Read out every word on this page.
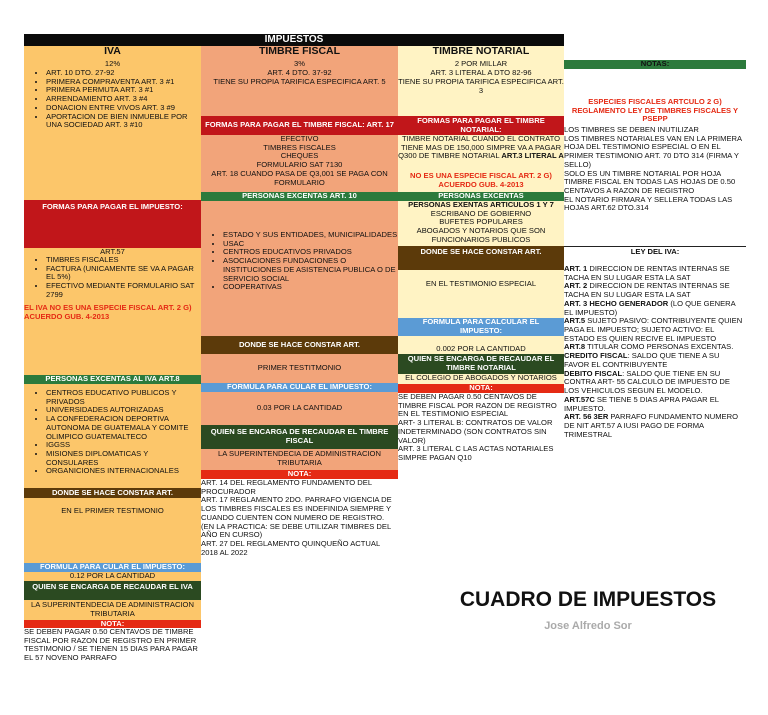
IMPUESTOS
IVA	TIMBRE FISCAL	TIMBRE NOTARIAL
12%
• ART. 10 DTO. 27-92
• PRIMERA COMPRAVENTA ART. 3 #1
• PRIMERA PERMUTA ART. 3 #1
• ARRENDAMIENTO ART. 3 #4
• DONACION ENTRE VIVOS ART. 3 #9
• APORTACION DE BIEN INMUEBLE POR UNA SOCIEDAD ART. 3 #10
FORMAS PARA PAGAR EL IMPUESTO:
ART.57
• TIMBRES FISCALES
• FACTURA (UNICAMENTE SE VA A PAGAR EL 5%)
• EFECTIVO MEDIANTE FORMULARIO SAT 2799
EL IVA NO ES UNA ESPECIE FISCAL ART. 2 G) ACUERDO GUB. 4-2013
PERSONAS EXCENTAS AL IVA ART.8
• CENTROS EDUCATIVO PUBLICOS Y PRIVADOS
• UNIVERSIDADES AUTORIZADAS
• LA CONFEDERACION DEPORTIVA AUTONOMA DE GUATEMALA Y COMITE OLIMPICO GUATEMALTECO
• IGGSS
• MISIONES DIPLOMATICAS Y CONSULARES
• ORGANICIONES INTERNACIONALES
DONDE SE HACE CONSTAR ART.
EN EL PRIMER TESTIMONIO
FORMULA PARA CULAR EL IMPUESTO:
0.12 POR LA CANTIDAD
QUIEN SE ENCARGA DE RECAUDAR EL IVA
LA SUPERINTENDECIA DE ADMINISTRACION TRIBUTARIA
NOTA:
SE DEBEN PAGAR 0.50 CENTAVOS DE TIMBRE FISCAL POR RAZON DE REGISTRO EN PRIMER TESTIMONIO / SE TIENEN 15 DIAS PARA PAGAR EL 57 NOVENO PARRAFO
3%
ART. 4 DTO. 37-92
TIENE SU PROPIA TARIFICA ESPECIFICA ART. 5
FORMAS PARA PAGAR EL TIMBRE FISCAL: ART. 17

EFECTIVO

TIMBRES FISCALES

CHEQUES

FORMULARIO SAT 7130

ART. 18 CUANDO PASA DE Q3,001 SE PAGA CON FORMULARIO

PERSONAS EXCENTAS ART. 10
• ESTADO Y SUS ENTIDADES, MUNICIPALIDADES
• USAC
• CENTROS EDUCATIVOS PRIVADOS
• ASOCIACIONES FUNDACIONES O INSTITUCIONES DE ASISTENCIA PUBLICA O DE SERVICIO SOCIAL
• COOPERATIVAS
DONDE SE HACE CONSTAR ART.
PRIMER TESTITMONIO
FORMULA PARA CULAR EL IMPUESTO:
0.03 POR LA CANTIDAD
QUIEN SE ENCARGA DE RECAUDAR EL TIMBRE FISCAL
LA SUPERINTENDECIA DE ADMINISTRACION TRIBUTARIA
NOTA:

ART. 14 DEL REGLAMENTO FUNDAMENTO DEL PROCURADOR

ART. 17 REGLAMENTO 2DO. PARRAFO VIGENCIA DE LOS TIMBRES FISCALES ES INDEFINIDA SIEMPRE Y CUANDO CUENTEN CON NUMERO DE REGISTRO. (EN LA PRACTICA: SE DEBE UTILIZAR TIMBRES DEL AÑO EN CURSO)

ART. 27 DEL REGLAMENTO QUINQUEÑO ACTUAL 2018 AL 2022

2 POR MILLAR
ART. 3 LITERAL A DTO 82-96
TIENE SU PROPIA TARIFICA ESPECIFICA ART. 3
FORMAS PARA PAGAR EL TIMBRE NOTARIAL:
TIMBRE NOTARIAL CUANDO EL CONTRATO TIENE MAS DE 150,000 SIMPRE VA A PAGAR Q300 DE TIMBRE NOTARIAL ART.3 LITERAL A
NO ES UNA ESPECIE FISCAL ART. 2 G) ACUERDO GUB. 4-2013
PERSONAS EXCENTAS

PERSONAS EXENTAS ARTICULOS 1 Y 7

ESCRIBANO DE GOBIERNO

BUFETES POPULARES

ABOGADOS Y NOTARIOS QUE SON FUNCIONARIOS PUBLICOS

DONDE SE HACE CONSTAR ART.
EN EL TESTIMONIO ESPECIAL
FORMULA PARA CALCULAR EL IMPUESTO:
0.002 POR LA CANTIDAD
QUIEN SE ENCARGA DE RECAUDAR EL TIMBRE NOTARIAL
EL COLEGIO DE ABOGADOS Y NOTARIOS
NOTA:

SE DEBEN PAGAR 0.50 CENTAVOS DE TIMBRE FISCAL POR RAZON DE REGISTRO EN EL TESTIMONIO ESPECIAL

ART- 3 LITERAL B: CONTRATOS DE VALOR INDETERMINADO (SON CONTRATOS SIN VALOR)

ART. 3 LITERAL C LAS ACTAS NOTARIALES SIMPRE PAGAN Q10

NOTAS:
ESPECIES FISCALES ARTCULO 2 G) REGLAMENTO LEY DE TIMBRES FISCALES Y PSEPP

LOS TIMBRES SE DEBEN INUTILIZAR

LOS TIMBRES NOTARIALES VAN EN LA PRIMERA HOJA DEL TESTIMONIO ESPECIAL O EN EL PRIMER TESTIMONIO ART. 70 DTO 314 (FIRMA Y SELLO)

SOLO ES UN TIMBRE NOTARIAL POR HOJA

TIMBRE FISCAL EN TODAS LAS HOJAS DE 0.50 CENTAVOS A RAZON DE REGISTRO

EL NOTARIO FIRMARA Y SELLERA TODAS LAS HOJAS ART.62 DTO.314

LEY DEL IVA:

ART. 1 DIRECCION DE RENTAS INTERNAS SE TACHA EN SU LUGAR ESTA LA SAT

ART. 2 DIRECCION DE RENTAS INTERNAS SE TACHA EN SU LUGAR ESTA LA SAT

ART. 3 HECHO GENERADOR (LO QUE GENERA EL IMPUESTO)

ART.5 SUJETO PASIVO: CONTRIBUYENTE QUIEN PAGA EL IMPUESTO; SUJETO ACTIVO: EL ESTADO ES QUIEN RECIVE EL IMPUESTO

ART.8 TITULAR COMO PERSONAS EXCENTAS.

CREDITO FISCAL: SALDO QUE TIENE A SU FAVOR EL CONTRIBUYENTE

DEBITO FISCAL: SALDO QUE TIENE EN SU CONTRA ART- 55 CALCULO DE IMPUESTO DE LOS VEHICULOS SEGUN EL MODELO.

ART.57C SE TIENE 5 DIAS APRA PAGAR EL IMPUESTO.

ART. 56 3ER PARRAFO FUNDAMENTO NUMERO DE NIT ART.57 A IUSI PAGO DE FORMA TRIMESTRAL

CUADRO DE IMPUESTOS
Jose Alfredo Sor
